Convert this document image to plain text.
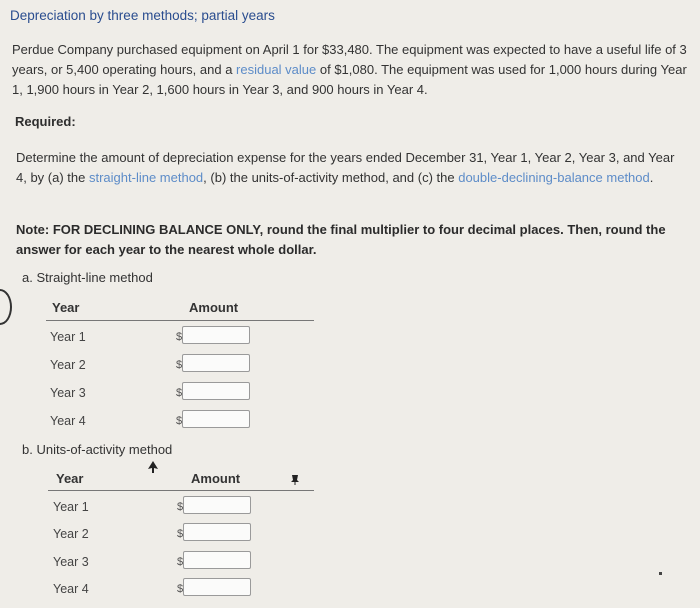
Depreciation by three methods; partial years
Perdue Company purchased equipment on April 1 for $33,480. The equipment was expected to have a useful life of 3 years, or 5,400 operating hours, and a residual value of $1,080. The equipment was used for 1,000 hours during Year 1, 1,900 hours in Year 2, 1,600 hours in Year 3, and 900 hours in Year 4.
Required:
Determine the amount of depreciation expense for the years ended December 31, Year 1, Year 2, Year 3, and Year 4, by (a) the straight-line method, (b) the units-of-activity method, and (c) the double-declining-balance method.
Note: FOR DECLINING BALANCE ONLY, round the final multiplier to four decimal places. Then, round the answer for each year to the nearest whole dollar.
a. Straight-line method
Year	Amount
Year 1	$
Year 2	$
Year 3	$
Year 4	$
b. Units-of-activity method
Year	Amount
Year 1	$
Year 2	$
Year 3	$
Year 4	$
